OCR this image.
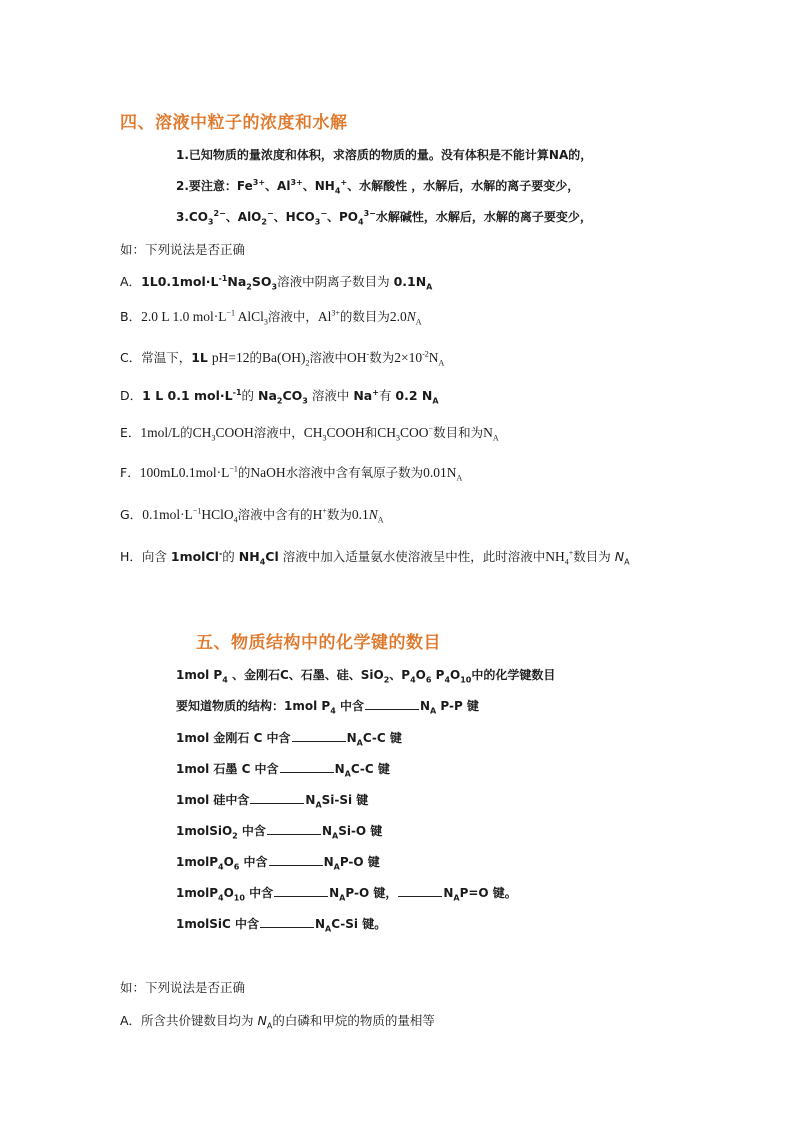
四、溶液中粒子的浓度和水解
1.已知物质的量浓度和体积，求溶质的物质的量。没有体积是不能计算NA的，
2.要注意：$Fe^{3+}$、$Al^{3+}$、$NH_4^+$、水解酸性 ，水解后，水解的离子要变少，
$3.CO_3^{2-}$、AlO$_2$−、$HCO_3^-$、$PO_4^{3-}$水解碱性，水解后，水解的离子要变少，
如：下列说法是否正确
A．$1L0.1mol\cdot L^{-1}Na_2SO_3$溶液中阴离子数目为 $0.1N_A$
B．2.0 L 1.0 $mol\cdot L^{-1}$ AlCl$_3$溶液中，$Al^{3+}$的数目为$2.0N_A$
C．常温下，1L pH=12的$Ba(OH)_2$溶液中OH-数为$2\times 10^{-2}N_A$
D．1 L 0.1 $mol\cdot L^{-1}$的 $Na_2CO_3$ 溶液中 Na+有 0.2 $N_A$
E．1mol/L的$CH_3COOH$溶液中，$CH_3COOH$和$CH_3COO^-$数目和为$N_A$
F．$100mL0.1mol\cdot L^{-1}$的NaOH水溶液中含有氧原子数为$0.01N_A$
G．$0.1mol\cdot L^{-1}HClO_4$溶液中含有的H+数为$0.1N_A$
H．向含 1molCl-的 $NH_4Cl$ 溶液中加入适量氨水使溶液呈中性，此时溶液中$NH_4^+$数目为 $N_A$
五、物质结构中的化学键的数目
1mol $P_4$ 、金刚石C、石墨、硅、SiO$_2$、$P_4O_6$ $P_4O_{10}$中的化学键数目
要知道物质的结构：1mol $P_4$ 中含	$N_A$ P-P 键
1mol 金刚石 C 中含	$N_AC-C$ 键
1mol 石墨 C 中含	$N_AC-C$ 键
1mol 硅中含	$N_ASi-Si$ 键
1molSiO$_2$ 中含	$N_ASi-O$ 键
$1molP_4O_6$ 中含	$N_AP-O$ 键
$1molP_4O_{10}$ 中含	$N_AP-O$ 键，	$N_AP=O$ 键。
1molSiC 中含	$N_AC-Si$ 键。
如：下列说法是否正确
A．所含共价键数目均为 $N_A$的白磷和甲烷的物质的量相等
